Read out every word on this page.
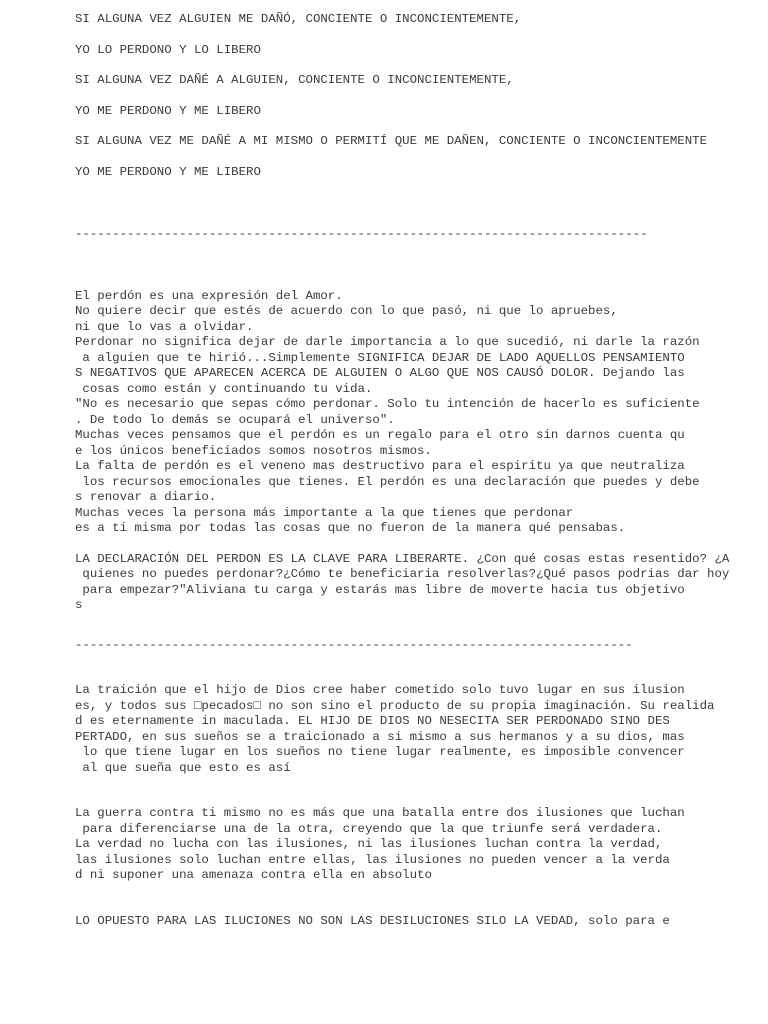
SI ALGUNA VEZ ALGUIEN ME DAÑÓ, CONCIENTE O INCONCIENTEMENTE,
YO LO PERDONO Y LO LIBERO
SI ALGUNA VEZ DAÑÉ A ALGUIEN, CONCIENTE O INCONCIENTEMENTE,
YO ME PERDONO Y ME LIBERO
SI ALGUNA VEZ ME DAÑÉ A MI MISMO O PERMITÍ QUE ME DAÑEN, CONCIENTE O INCONCIENTEMENTE
YO ME PERDONO Y ME LIBERO
-----------------------------------------------------------------------------
El perdón es una expresión del Amor.
No quiere decir que estés de acuerdo con lo que pasó, ni que lo apruebes,
ni que lo vas a olvidar.
Perdonar no significa dejar de darle importancia a lo que sucedió, ni darle la razón
a alguien que te hirió...Simplemente SIGNIFICA DEJAR DE LADO AQUELLOS PENSAMIENTO
S NEGATIVOS QUE APARECEN ACERCA DE ALGUIEN O ALGO QUE NOS CAUSÓ DOLOR. Dejando las
cosas como están y continuando tu vida.
"No es necesario que sepas cómo perdonar. Solo tu intención de hacerlo es suficiente
. De todo lo demás se ocupará el universo".
Muchas veces pensamos que el perdón es un regalo para el otro sin darnos cuenta qu
e los únicos beneficiados somos nosotros mismos.
La falta de perdón es el veneno mas destructivo para el espiritu ya que neutraliza
los recursos emocionales que tienes. El perdón es una declaración que puedes y debe
s renovar a diario.
Muchas veces la persona más importante a la que tienes que perdonar
es a ti misma por todas las cosas que no fueron de la manera qué pensabas.
LA DECLARACIÓN DEL PERDON ES LA CLAVE PARA LIBERARTE. ¿Con qué cosas estas resentido? ¿A
quienes no puedes perdonar?¿Cómo te beneficiaria resolverlas?¿Qué pasos podrias dar hoy
para empezar?"Aliviana tu carga y estarás mas libre de moverte hacia tus objetivo
s
---------------------------------------------------------------------------
La traición que el hijo de Dios cree haber cometido solo tuvo lugar en sus ilusion
es, y todos sus □pecados□ no son sino el producto de su propia imaginación. Su realida
d es eternamente in maculada. EL HIJO DE DIOS NO NESECITA SER PERDONADO SINO DES
PERTADO, en sus sueños se a traicionado a si mismo a sus hermanos y a su dios, mas
lo que tiene lugar en los sueños no tiene lugar realmente, es imposible convencer
al que sueña que esto es así
La guerra contra ti mismo no es más que una batalla entre dos ilusiones que luchan
para diferenciarse una de la otra, creyendo que la que triunfe será verdadera.
La verdad no lucha con las ilusiones, ni las ilusiones luchan contra la verdad,
las ilusiones solo luchan entre ellas, las ilusiones no pueden vencer a la verda
d ni suponer una amenaza contra ella en absoluto
LO OPUESTO PARA LAS ILUCIONES NO SON LAS DESILUCIONES SILO LA VEDAD, solo para e
